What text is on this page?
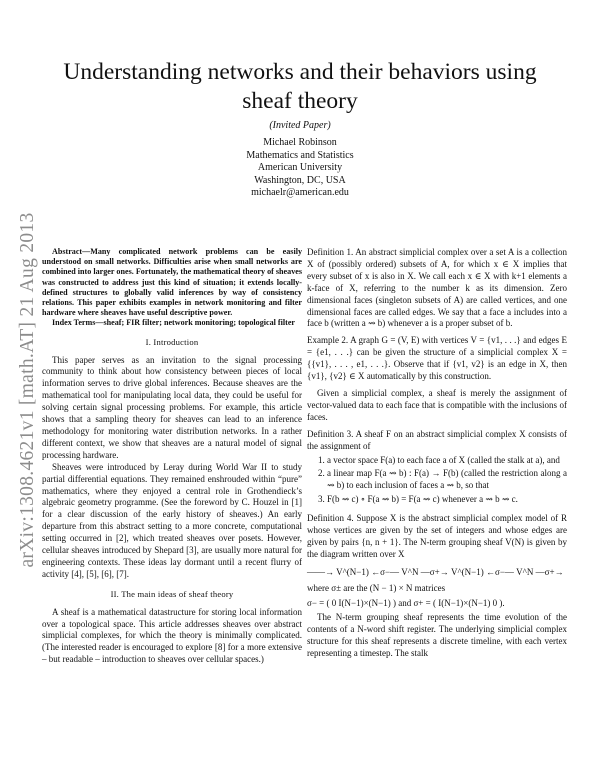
arXiv:1308.4621v1 [math.AT] 21 Aug 2013
Understanding networks and their behaviors using sheaf theory
(Invited Paper)
Michael Robinson
Mathematics and Statistics
American University
Washington, DC, USA
michaelr@american.edu

Abstract—Many complicated network problems can be easily understood on small networks. Difficulties arise when small networks are combined into larger ones. Fortunately, the mathematical theory of sheaves was constructed to address just this kind of situation; it extends locally-defined structures to globally valid inferences by way of consistency relations. This paper exhibits examples in network monitoring and filter hardware where sheaves have useful descriptive power.

Index Terms—sheaf; FIR filter; network monitoring; topological filter

I. Introduction

This paper serves as an invitation to the signal processing community to think about how consistency between pieces of local information serves to drive global inferences. Because sheaves are the mathematical tool for manipulating local data, they could be useful for solving certain signal processing problems. For example, this article shows that a sampling theory for sheaves can lead to an inference methodology for monitoring water distribution networks. In a rather different context, we show that sheaves are a natural model of signal processing hardware.

Sheaves were introduced by Leray during World War II to study partial differential equations. They remained enshrouded within “pure” mathematics, where they enjoyed a central role in Grothendieck’s algebraic geometry programme. (See the foreword by C. Houzel in [1] for a clear discussion of the early history of sheaves.) An early departure from this abstract setting to a more concrete, computational setting occurred in [2], which treated sheaves over posets. However, cellular sheaves introduced by Shepard [3], are usually more natural for engineering contexts. These ideas lay dormant until a recent flurry of activity [4], [5], [6], [7].

II. The main ideas of sheaf theory

A sheaf is a mathematical datastructure for storing local information over a topological space. This article addresses sheaves over abstract simplicial complexes, for which the theory is minimally complicated. (The interested reader is encouraged to explore [8] for a more extensive – but readable – introduction to sheaves over cellular spaces.)

Definition 1. An abstract simplicial complex over a set A is a collection X of (possibly ordered) subsets of A, for which x ∈ X implies that every subset of x is also in X. We call each x ∈ X with k+1 elements a k-face of X, referring to the number k as its dimension. Zero dimensional faces (singleton subsets of A) are called vertices, and one dimensional faces are called edges. We say that a face a includes into a face b (written a ⇝ b) whenever a is a proper subset of b.

Example 2. A graph G = (V, E) with vertices V = {v1, . . .} and edges E = {e1, . . .} can be given the structure of a simplicial complex X = {{v1}, . . . , e1, . . .}. Observe that if {v1, v2} is an edge in X, then {v1}, {v2} ∈ X automatically by this construction.

Given a simplicial complex, a sheaf is merely the assignment of vector-valued data to each face that is compatible with the inclusions of faces.

Definition 3. A sheaf F on an abstract simplicial complex X consists of the assignment of

1. a vector space F(a) to each face a of X (called the stalk at a), and
2. a linear map F(a ⇝ b) : F(a) → F(b) (called the restriction along a ⇝ b) to each inclusion of faces a ⇝ b, so that
3. F(b ⇝ c) ∘ F(a ⇝ b) = F(a ⇝ c) whenever a ⇝ b ⇝ c.

Definition 4. Suppose X is the abstract simplicial complex model of R whose vertices are given by the set of integers and whose edges are given by pairs {n, n + 1}. The N-term grouping sheaf V(N) is given by the diagram written over X

——→ V^(N−1) ←σ−— V^N —σ+→ V^(N−1) ←σ−— V^N —σ+→

where σ± are the (N − 1) × N matrices

σ− = ( 0 I(N−1)×(N−1) ) and σ+ = ( I(N−1)×(N−1) 0 ).

The N-term grouping sheaf represents the time evolution of the contents of a N-word shift register. The underlying simplicial complex structure for this sheaf represents a discrete timeline, with each vertex representing a timestep. The stalk
